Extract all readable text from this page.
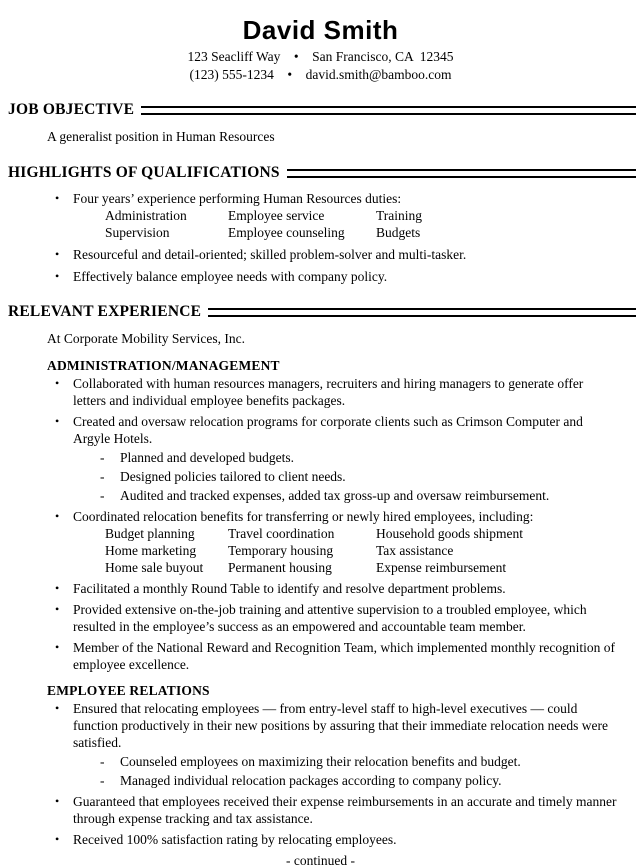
David Smith
123 Seacliff Way    •    San Francisco, CA  12345
(123) 555-1234    •    david.smith@bamboo.com
JOB OBJECTIVE
A generalist position in Human Resources
HIGHLIGHTS OF QUALIFICATIONS
•	Four years’ experience performing Human Resources duties:
Administration	Employee service	Training
Supervision	Employee counseling	Budgets
•	Resourceful and detail-oriented; skilled problem-solver and multi-tasker.
•	Effectively balance employee needs with company policy.
RELEVANT EXPERIENCE
At Corporate Mobility Services, Inc.
ADMINISTRATION/MANAGEMENT
•	Collaborated with human resources managers, recruiters and hiring managers to generate offer letters and individual employee benefits packages.
•	Created and oversaw relocation programs for corporate clients such as Crimson Computer and Argyle Hotels.
-	Planned and developed budgets.
-	Designed policies tailored to client needs.
-	Audited and tracked expenses, added tax gross-up and oversaw reimbursement.
•	Coordinated relocation benefits for transferring or newly hired employees, including:
Budget planning	Travel coordination	Household goods shipment
Home marketing	Temporary housing	Tax assistance
Home sale buyout	Permanent housing	Expense reimbursement
•	Facilitated a monthly Round Table to identify and resolve department problems.
•	Provided extensive on-the-job training and attentive supervision to a troubled employee, which resulted in the employee’s success as an empowered and accountable team member.
•	Member of the National Reward and Recognition Team, which implemented monthly recognition of employee excellence.
EMPLOYEE RELATIONS
•	Ensured that relocating employees — from entry-level staff to high-level executives — could function productively in their new positions by assuring that their immediate relocation needs were satisfied.
-	Counseled employees on maximizing their relocation benefits and budget.
-	Managed individual relocation packages according to company policy.
•	Guaranteed that employees received their expense reimbursements in an accurate and timely manner through expense tracking and tax assistance.
•	Received 100% satisfaction rating by relocating employees.
- continued -
